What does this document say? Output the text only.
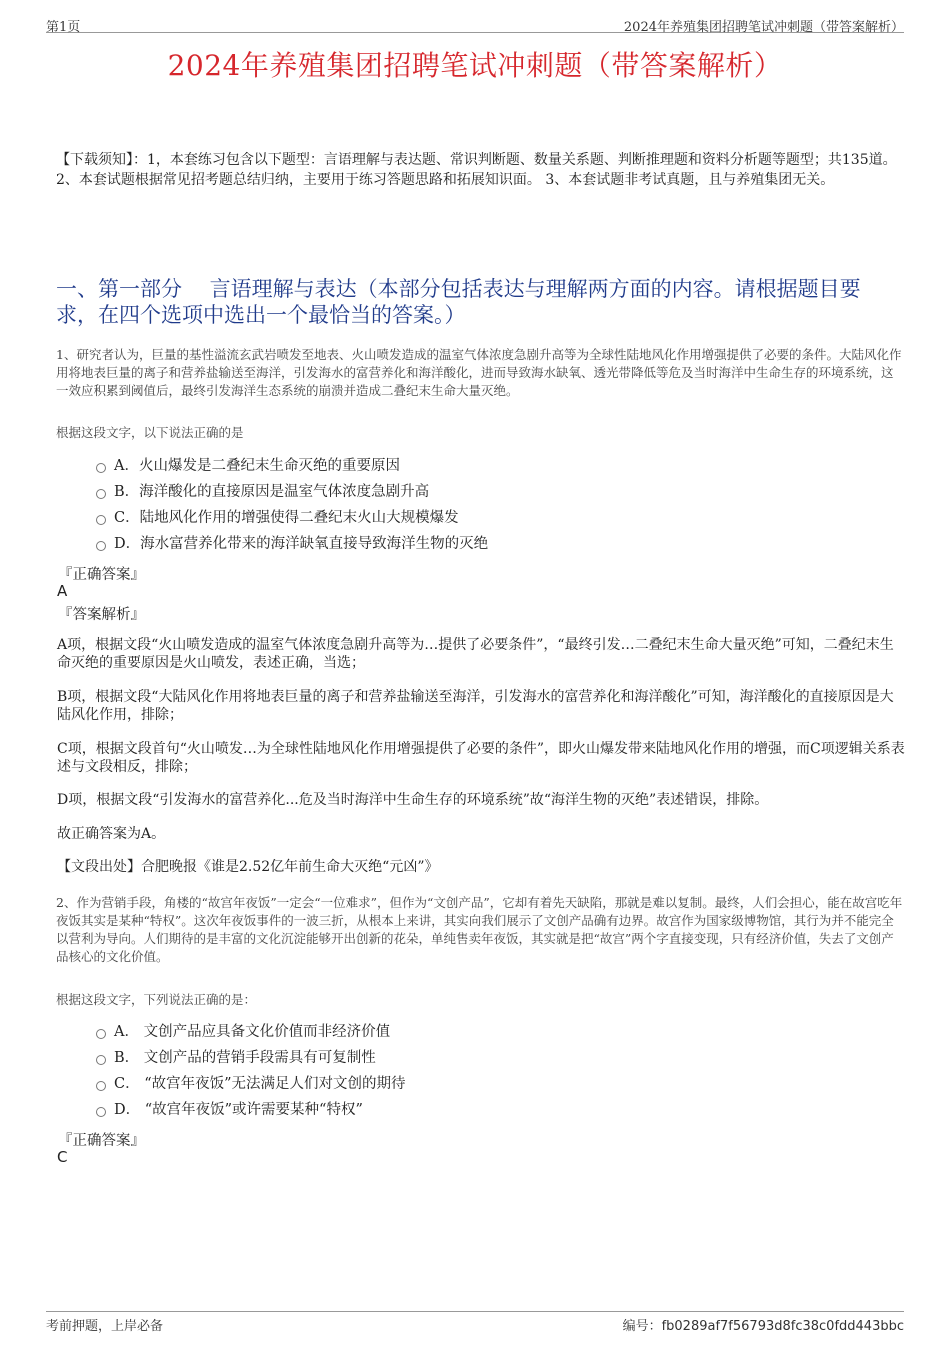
第1页	2024年养殖集团招聘笔试冲刺题（带答案解析）
2024年养殖集团招聘笔试冲刺题（带答案解析）
【下载须知】：1，本套练习包含以下题型：言语理解与表达题、常识判断题、数量关系题、判断推理题和资料分析题等题型；共135道。 2、本套试题根据常见招考题总结归纳，主要用于练习答题思路和拓展知识面。 3、本套试题非考试真题，且与养殖集团无关。
一、第一部分　 言语理解与表达（本部分包括表达与理解两方面的内容。请根据题目要求，在四个选项中选出一个最恰当的答案。）
1、研究者认为，巨量的基性溢流玄武岩喷发至地表、火山喷发造成的温室气体浓度急剧升高等为全球性陆地风化作用增强提供了必要的条件。大陆风化作用将地表巨量的离子和营养盐输送至海洋，引发海水的富营养化和海洋酸化，进而导致海水缺氧、透光带降低等危及当时海洋中生命生存的环境系统，这一效应积累到阈值后，最终引发海洋生态系统的崩溃并造成二叠纪末生命大量灭绝。
根据这段文字，以下说法正确的是
A．火山爆发是二叠纪末生命灭绝的重要原因
B．海洋酸化的直接原因是温室气体浓度急剧升高
C．陆地风化作用的增强使得二叠纪末火山大规模爆发
D．海水富营养化带来的海洋缺氧直接导致海洋生物的灭绝
『正确答案』
A
『答案解析』
A项，根据文段“火山喷发造成的温室气体浓度急剧升高等为…提供了必要条件”，“最终引发…二叠纪末生命大量灭绝”可知，二叠纪末生命灭绝的重要原因是火山喷发，表述正确，当选；
B项，根据文段“大陆风化作用将地表巨量的离子和营养盐输送至海洋，引发海水的富营养化和海洋酸化”可知，海洋酸化的直接原因是大陆风化作用，排除；
C项，根据文段首句“火山喷发…为全球性陆地风化作用增强提供了必要的条件”，即火山爆发带来陆地风化作用的增强，而C项逻辑关系表述与文段相反，排除；
D项，根据文段“引发海水的富营养化...危及当时海洋中生命生存的环境系统”故“海洋生物的灭绝”表述错误，排除。
故正确答案为A。
【文段出处】合肥晚报《谁是2.52亿年前生命大灭绝“元凶”》
2、作为营销手段，角楼的“故宫年夜饭”一定会“一位难求”，但作为“文创产品”，它却有着先天缺陷，那就是难以复制。最终，人们会担心，能在故宫吃年夜饭其实是某种“特权”。这次年夜饭事件的一波三折，从根本上来讲，其实向我们展示了文创产品确有边界。故宫作为国家级博物馆，其行为并不能完全以营利为导向。人们期待的是丰富的文化沉淀能够开出创新的花朵，单纯售卖年夜饭，其实就是把“故宫”两个字直接变现，只有经济价值，失去了文创产品核心的文化价值。
根据这段文字，下列说法正确的是：
A． 文创产品应具备文化价值而非经济价值
B． 文创产品的营销手段需具有可复制性
C． “故宫年夜饭”无法满足人们对文创的期待
D． “故宫年夜饭”或许需要某种“特权”
『正确答案』
C
考前押题，上岸必备	编号：fb0289af7f56793d8fc38c0fdd443bbc
